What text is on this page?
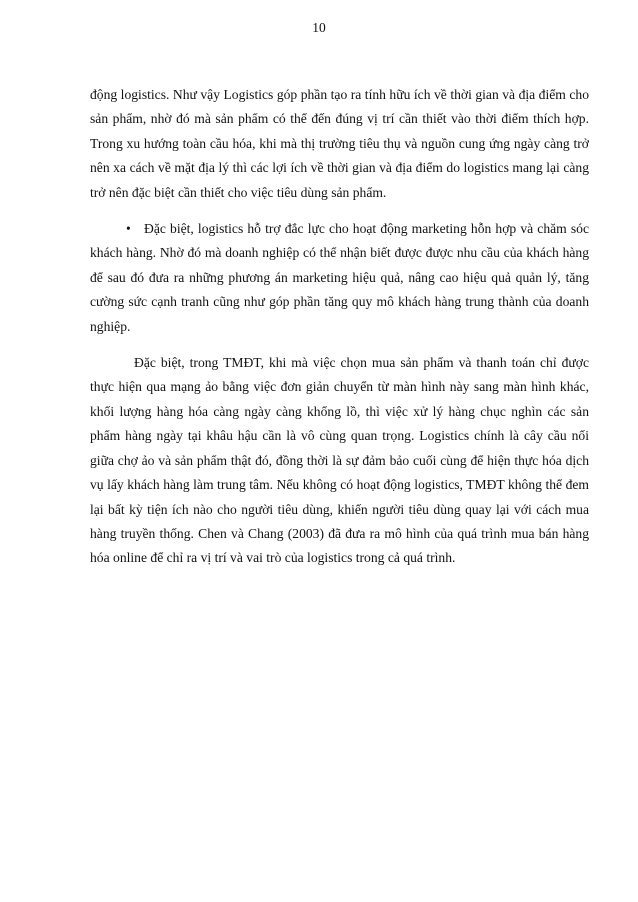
10

động logistics. Như vậy Logistics góp phần tạo ra tính hữu ích về thời gian và địa điểm cho sản phẩm, nhờ đó mà sản phẩm có thể đến đúng vị trí cần thiết vào thời điểm thích hợp. Trong xu hướng toàn cầu hóa, khi mà thị trường tiêu thụ và nguồn cung ứng ngày càng trở nên xa cách về mặt địa lý thì các lợi ích về thời gian và địa điểm do logistics mang lại càng trở nên đặc biệt cần thiết cho việc tiêu dùng sản phẩm.

• Đặc biệt, logistics hỗ trợ đắc lực cho hoạt động marketing hỗn hợp và chăm sóc khách hàng. Nhờ đó mà doanh nghiệp có thể nhận biết được được nhu cầu của khách hàng để sau đó đưa ra những phương án marketing hiệu quả, nâng cao hiệu quả quản lý, tăng cường sức cạnh tranh cũng như góp phần tăng quy mô khách hàng trung thành của doanh nghiệp.

Đặc biệt, trong TMĐT, khi mà việc chọn mua sản phẩm và thanh toán chỉ được thực hiện qua mạng ảo bằng việc đơn giản chuyển từ màn hình này sang màn hình khác, khối lượng hàng hóa càng ngày càng khổng lồ, thì việc xử lý hàng chục nghìn các sản phẩm hàng ngày tại khâu hậu cần là vô cùng quan trọng. Logistics chính là cây cầu nối giữa chợ ảo và sản phẩm thật đó, đồng thời là sự đảm bảo cuối cùng để hiện thực hóa dịch vụ lấy khách hàng làm trung tâm. Nếu không có hoạt động logistics, TMĐT không thể đem lại bất kỳ tiện ích nào cho người tiêu dùng, khiến người tiêu dùng quay lại với cách mua hàng truyền thống. Chen và Chang (2003) đã đưa ra mô hình của quá trình mua bán hàng hóa online để chỉ ra vị trí và vai trò của logistics trong cả quá trình.
